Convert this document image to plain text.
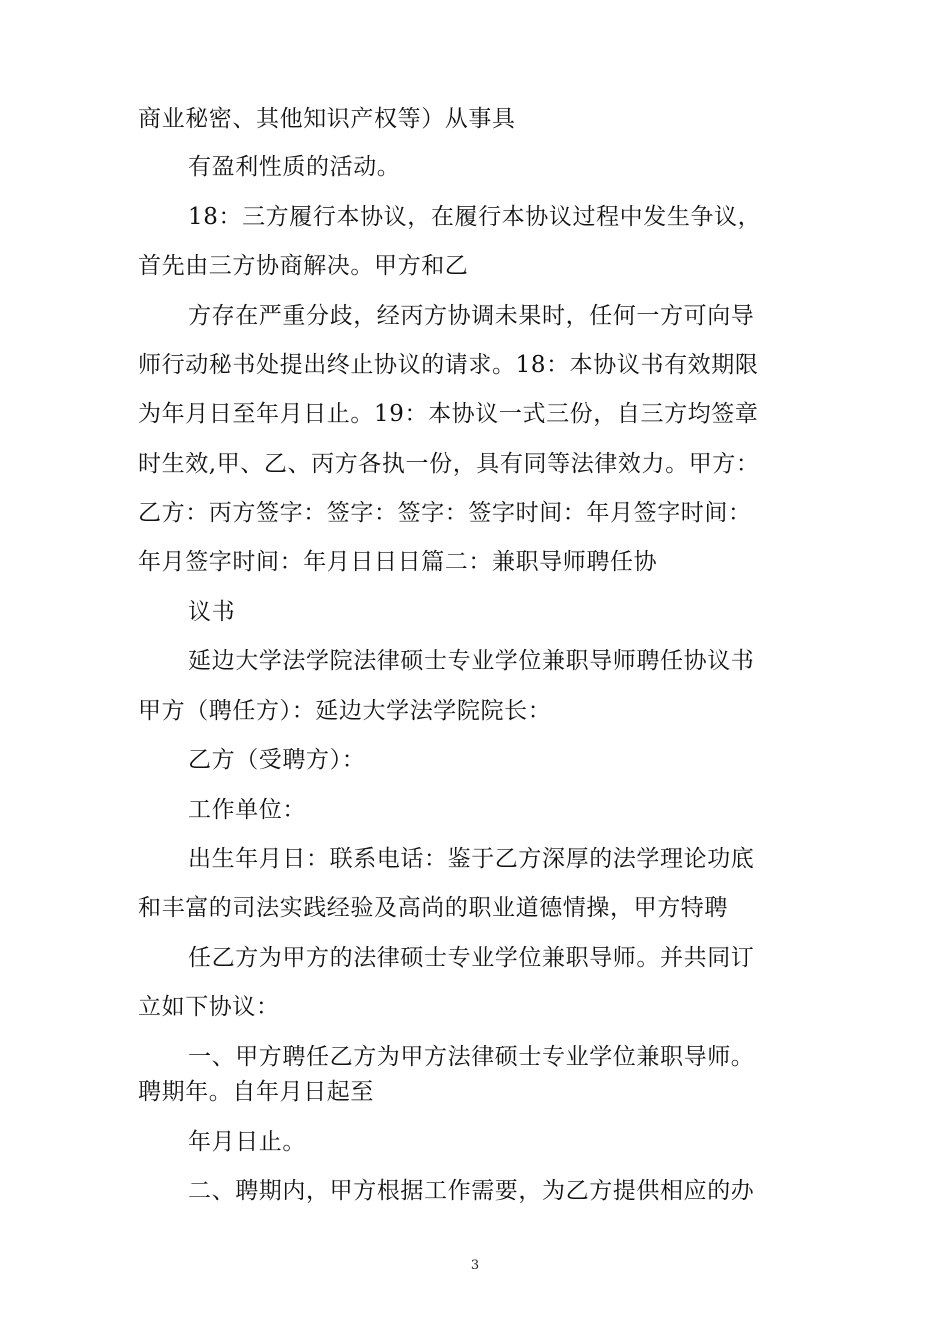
商业秘密、其他知识产权等）从事具
有盈利性质的活动。
18：三方履行本协议，在履行本协议过程中发生争议，
首先由三方协商解决。甲方和乙
方存在严重分歧，经丙方协调未果时，任何一方可向导
师行动秘书处提出终止协议的请求。18：本协议书有效期限
为年月日至年月日止。19：本协议一式三份，自三方均签章
时生效,甲、乙、丙方各执一份，具有同等法律效力。甲方：
乙方：丙方签字：签字：签字：签字时间：年月签字时间：
年月签字时间：年月日日日篇二：兼职导师聘任协
议书
延边大学法学院法律硕士专业学位兼职导师聘任协议书
甲方（聘任方）：延边大学法学院院长：
乙方（受聘方）：
工作单位：
出生年月日：联系电话：鉴于乙方深厚的法学理论功底
和丰富的司法实践经验及高尚的职业道德情操，甲方特聘
任乙方为甲方的法律硕士专业学位兼职导师。并共同订
立如下协议：
一、甲方聘任乙方为甲方法律硕士专业学位兼职导师。
聘期年。自年月日起至
年月日止。
二、聘期内，甲方根据工作需要，为乙方提供相应的办
3
